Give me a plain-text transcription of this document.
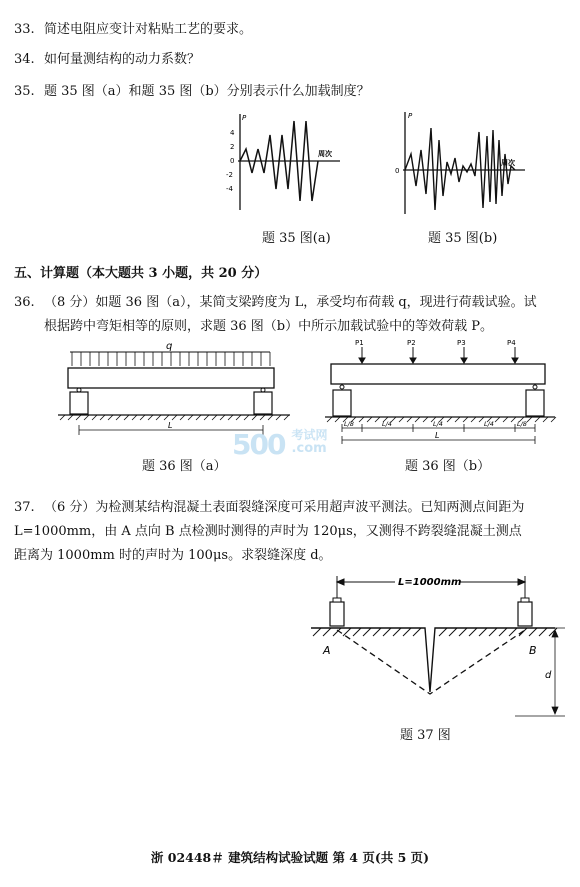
33. 简述电阻应变计对粘贴工艺的要求。
34. 如何量测结构的动力系数？
35. 题 35 图（a）和题 35 图（b）分别表示什么加载制度？
P
周次
4
2
0
-2
-4
题 35 图(a)
P
周次
0
题 35 图(b)
五、计算题（本大题共 3 小题，共 20 分）
36. （8 分）如题 36 图（a），某简支梁跨度为 L，承受均布荷载 q，现进行荷载试验。试
根据跨中弯矩相等的原则，求题 36 图（b）中所示加载试验中的等效荷载 P。
q
L
题 36 图（a）
P1	P2	P3	P4
L/8	L/4	L/4	L/4	L/8
L
题 36 图（b）
500 考试网
.com
37. （6 分）为检测某结构混凝土表面裂缝深度可采用超声波平测法。已知两测点间距为
L=1000mm，由 A 点向 B 点检测时测得的声时为 120μs，又测得不跨裂缝混凝土测点
距离为 1000mm 时的声时为 100μs。求裂缝深度 d。
L=1000mm
A	B
d
题 37 图
浙 02448＃ 建筑结构试验试题 第 4 页(共 5 页)
